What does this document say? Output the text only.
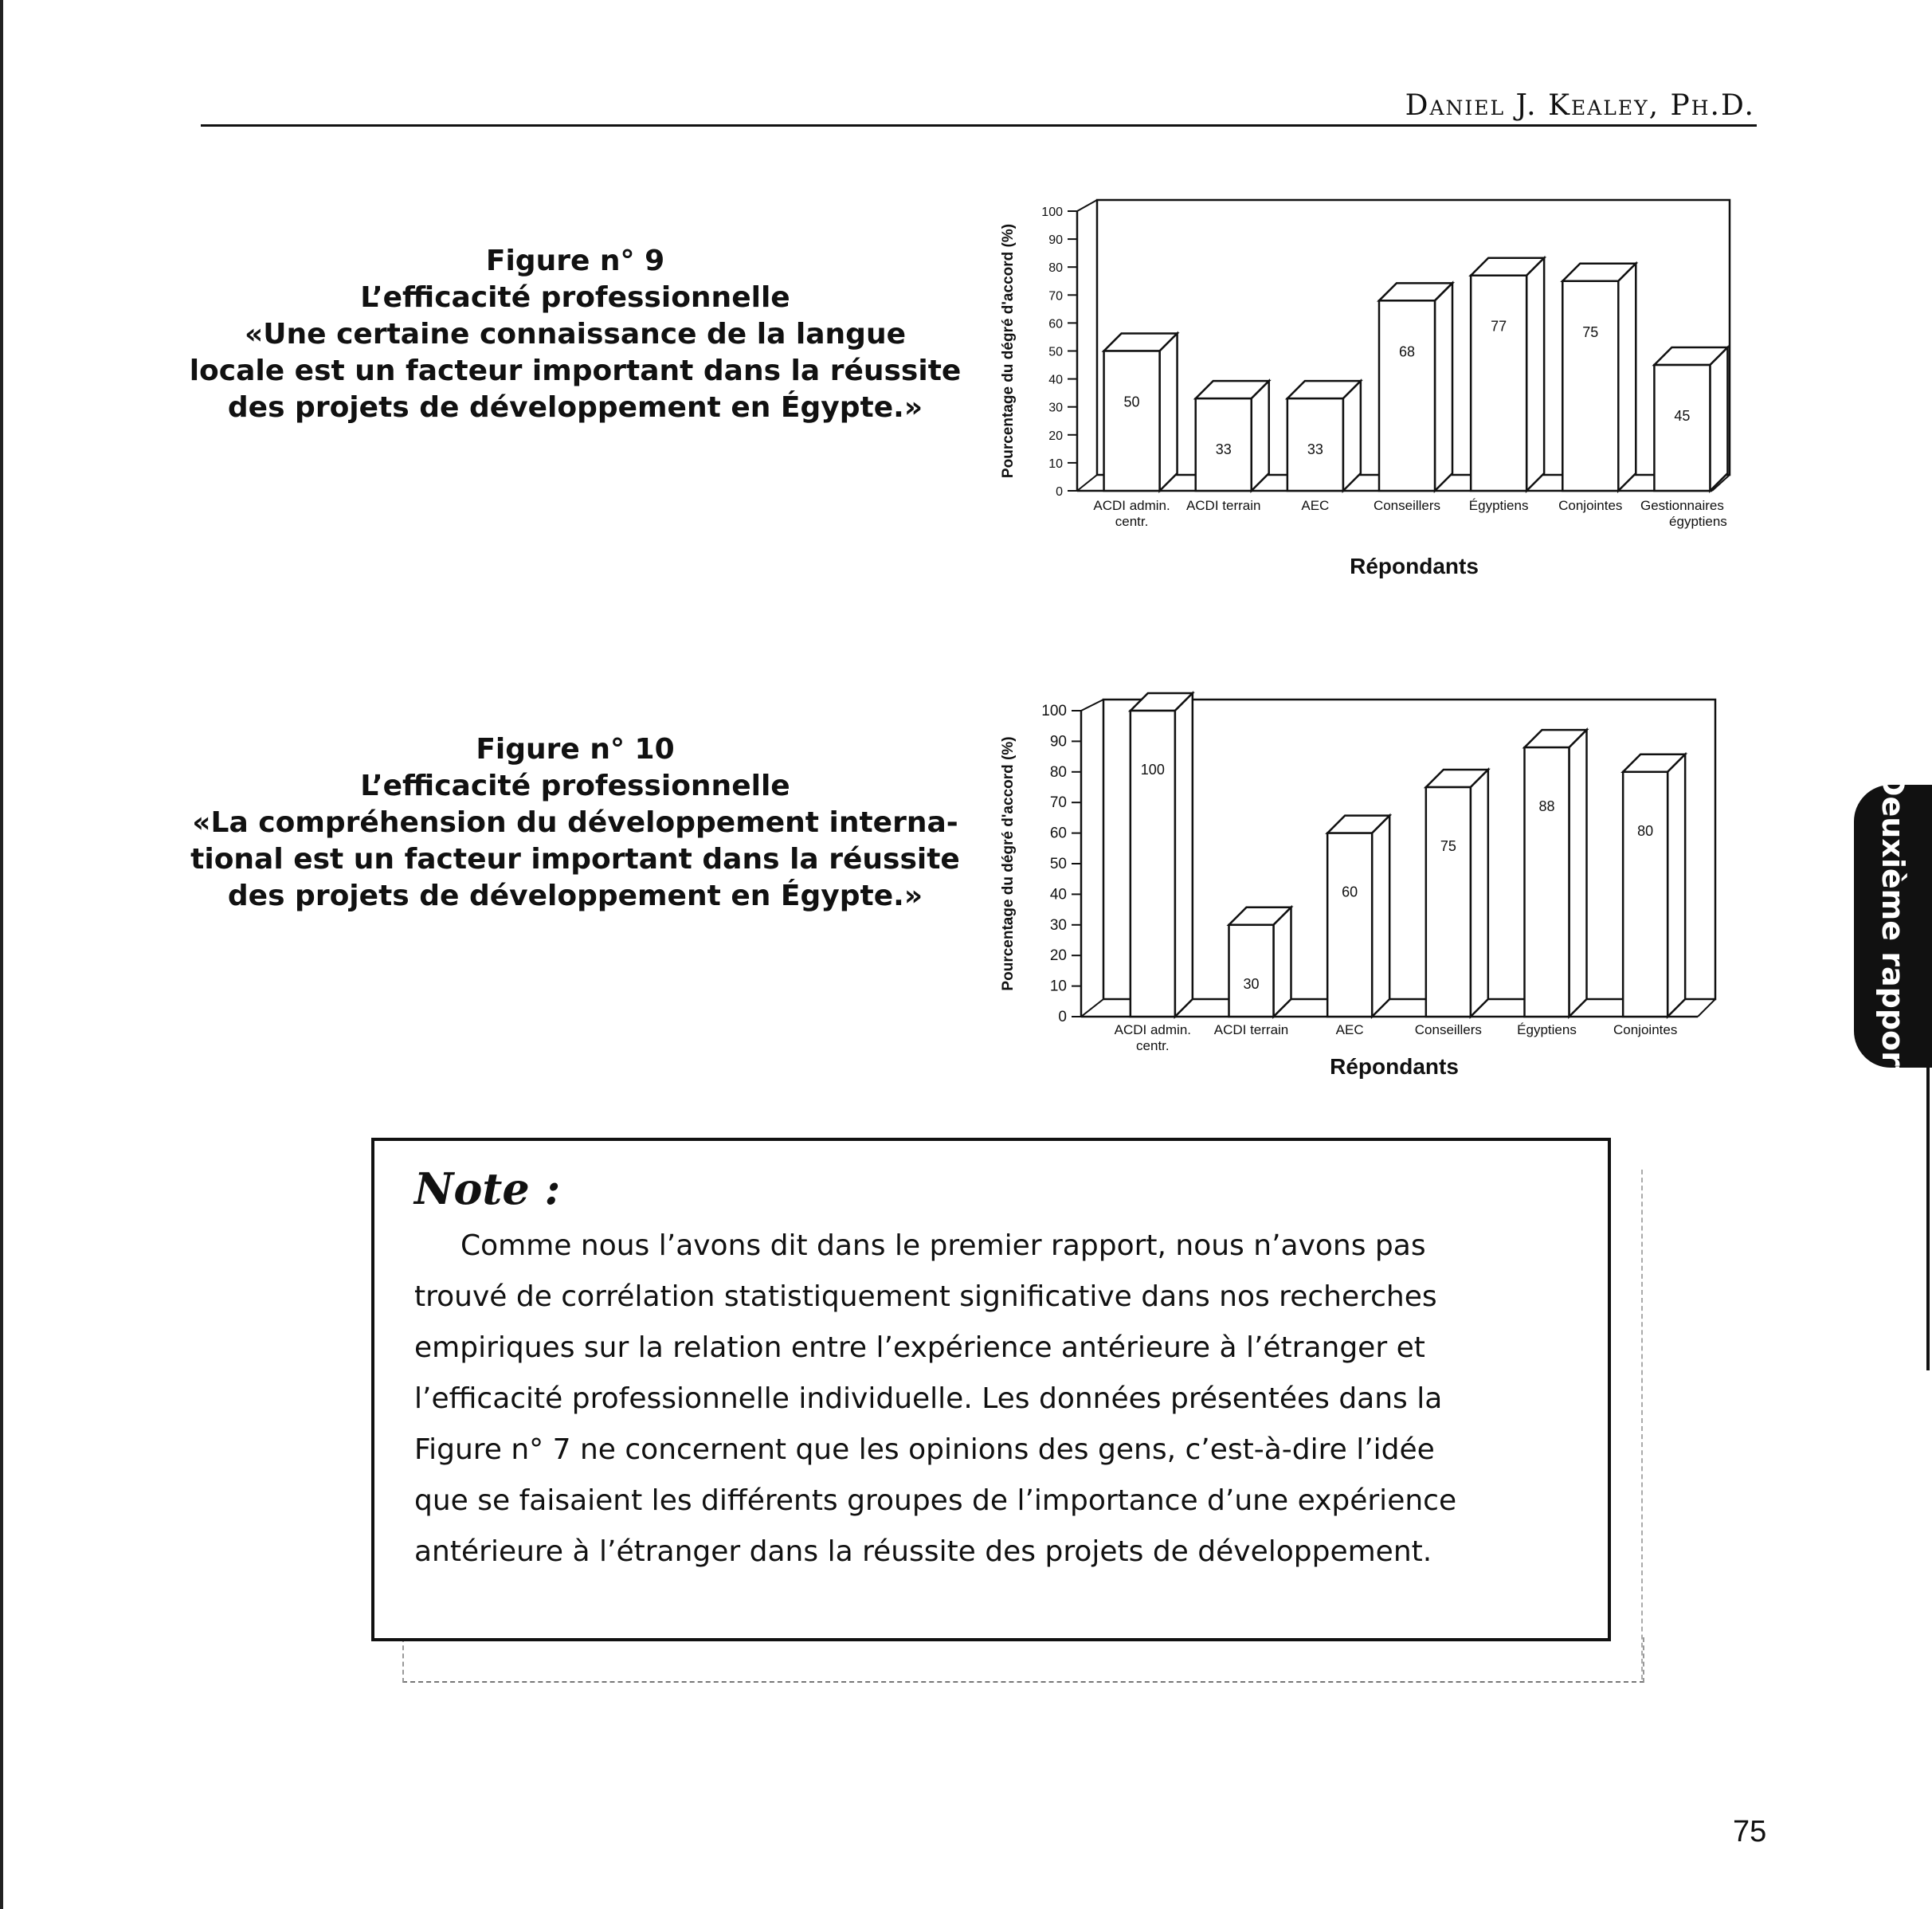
Daniel J. Kealey, Ph.D.
Figure n° 9
L’efficacité professionnelle
«Une certaine connaissance de la langue
locale est un facteur important dans la réussite
des projets de développement en Égypte.»
0
10
20
30
40
50
60
70
80
90
100
Pourcentage du dégré d'accord (%)	50
ACDI admin.
centr.
33
ACDI terrain
33
AEC
68
Conseillers
77
Égyptiens
75
Conjointes
45
Gestionnaires
égyptiens
Répondants
Figure n° 10
L’efficacité professionnelle
«La compréhension du développement interna-
tional est un facteur important dans la réussite
des projets de développement en Égypte.»
0
10
20
30
40
50
60
70
80
90
100
Pourcentage du dégré d'accord (%)	100
ACDI admin.
centr.
30
ACDI terrain
60
AEC
75
Conseillers
88
Égyptiens
80
Conjointes
Répondants	Deuxième rapport
Note :
Comme nous l’avons dit dans le premier rapport, nous n’avons pas
trouvé de corrélation statistiquement significative dans nos recherches
empiriques sur la relation entre l’expérience antérieure à l’étranger et
l’efficacité professionnelle individuelle. Les données présentées dans la
Figure n° 7 ne concernent que les opinions des gens, c’est-à-dire l’idée
que se faisaient les différents groupes de l’importance d’une expérience
antérieure à l’étranger dans la réussite des projets de développement.
75
